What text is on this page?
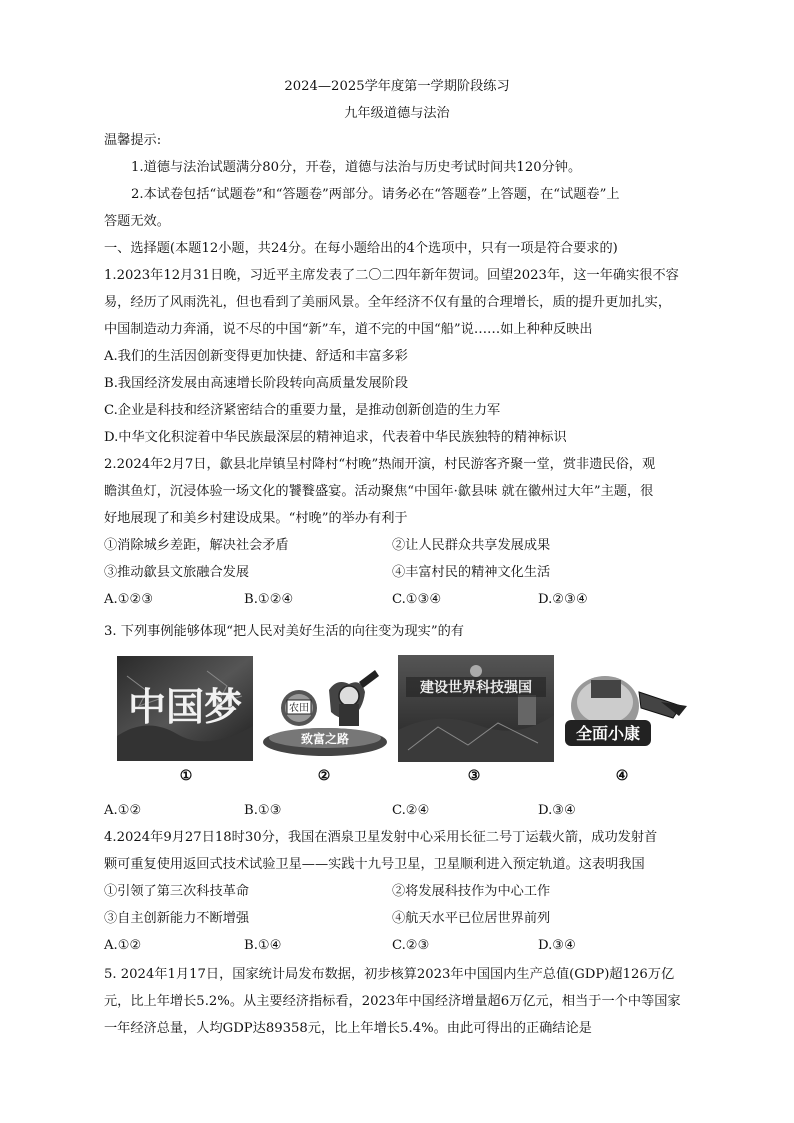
2024—2025学年度第一学期阶段练习
九年级道德与法治
温馨提示:
1.道德与法治试题满分80分，开卷，道德与法治与历史考试时间共120分钟。
2.本试卷包括“试题卷”和“答题卷”两部分。请务必在“答题卷”上答题，在“试题卷”上
答题无效。
一、选择题(本题12小题，共24分。在每小题给出的4个选项中，只有一项是符合要求的)
1.2023年12月31日晚，习近平主席发表了二〇二四年新年贺词。回望2023年，这一年确实很不容
易，经历了风雨洗礼，但也看到了美丽风景。全年经济不仅有量的合理增长，质的提升更加扎实，
中国制造动力奔涌，说不尽的中国“新”车，道不完的中国“船”说……如上种种反映出
A.我们的生活因创新变得更加快捷、舒适和丰富多彩
B.我国经济发展由高速增长阶段转向高质量发展阶段
C.企业是科技和经济紧密结合的重要力量，是推动创新创造的生力军
D.中华文化积淀着中华民族最深层的精神追求，代表着中华民族独特的精神标识
2.2024年2月7日，歙县北岸镇呈村降村“村晚”热闹开演，村民游客齐聚一堂，赏非遗民俗，观
瞻淇鱼灯，沉浸体验一场文化的饕餮盛宴。活动聚焦“中国年·歙县味 就在徽州过大年”主题，很
好地展现了和美乡村建设成果。“村晚”的举办有利于
①消除城乡差距，解决社会矛盾	②让人民群众共享发展成果
③推动歙县文旅融合发展	④丰富村民的精神文化生活
A.①②③	B.①②④	C.①③④	D.②③④
3. 下列事例能够体现“把人民对美好生活的向往变为现实”的有
中国梦	农田
致富之路
建设世界科技强国
全面小康
①	②	③	④
A.①②	B.①③	C.②④	D.③④
4.2024年9月27日18时30分，我国在酒泉卫星发射中心采用长征二号丁运载火箭，成功发射首
颗可重复使用返回式技术试验卫星——实践十九号卫星，卫星顺利进入预定轨道。这表明我国
①引领了第三次科技革命	②将发展科技作为中心工作
③自主创新能力不断增强	④航天水平已位居世界前列
A.①②	B.①④	C.②③	D.③④
5. 2024年1月17日，国家统计局发布数据，初步核算2023年中国国内生产总值(GDP)超126万亿
元，比上年增长5.2%。从主要经济指标看，2023年中国经济增量超6万亿元，相当于一个中等国家
一年经济总量，人均GDP达89358元，比上年增长5.4%。由此可得出的正确结论是
